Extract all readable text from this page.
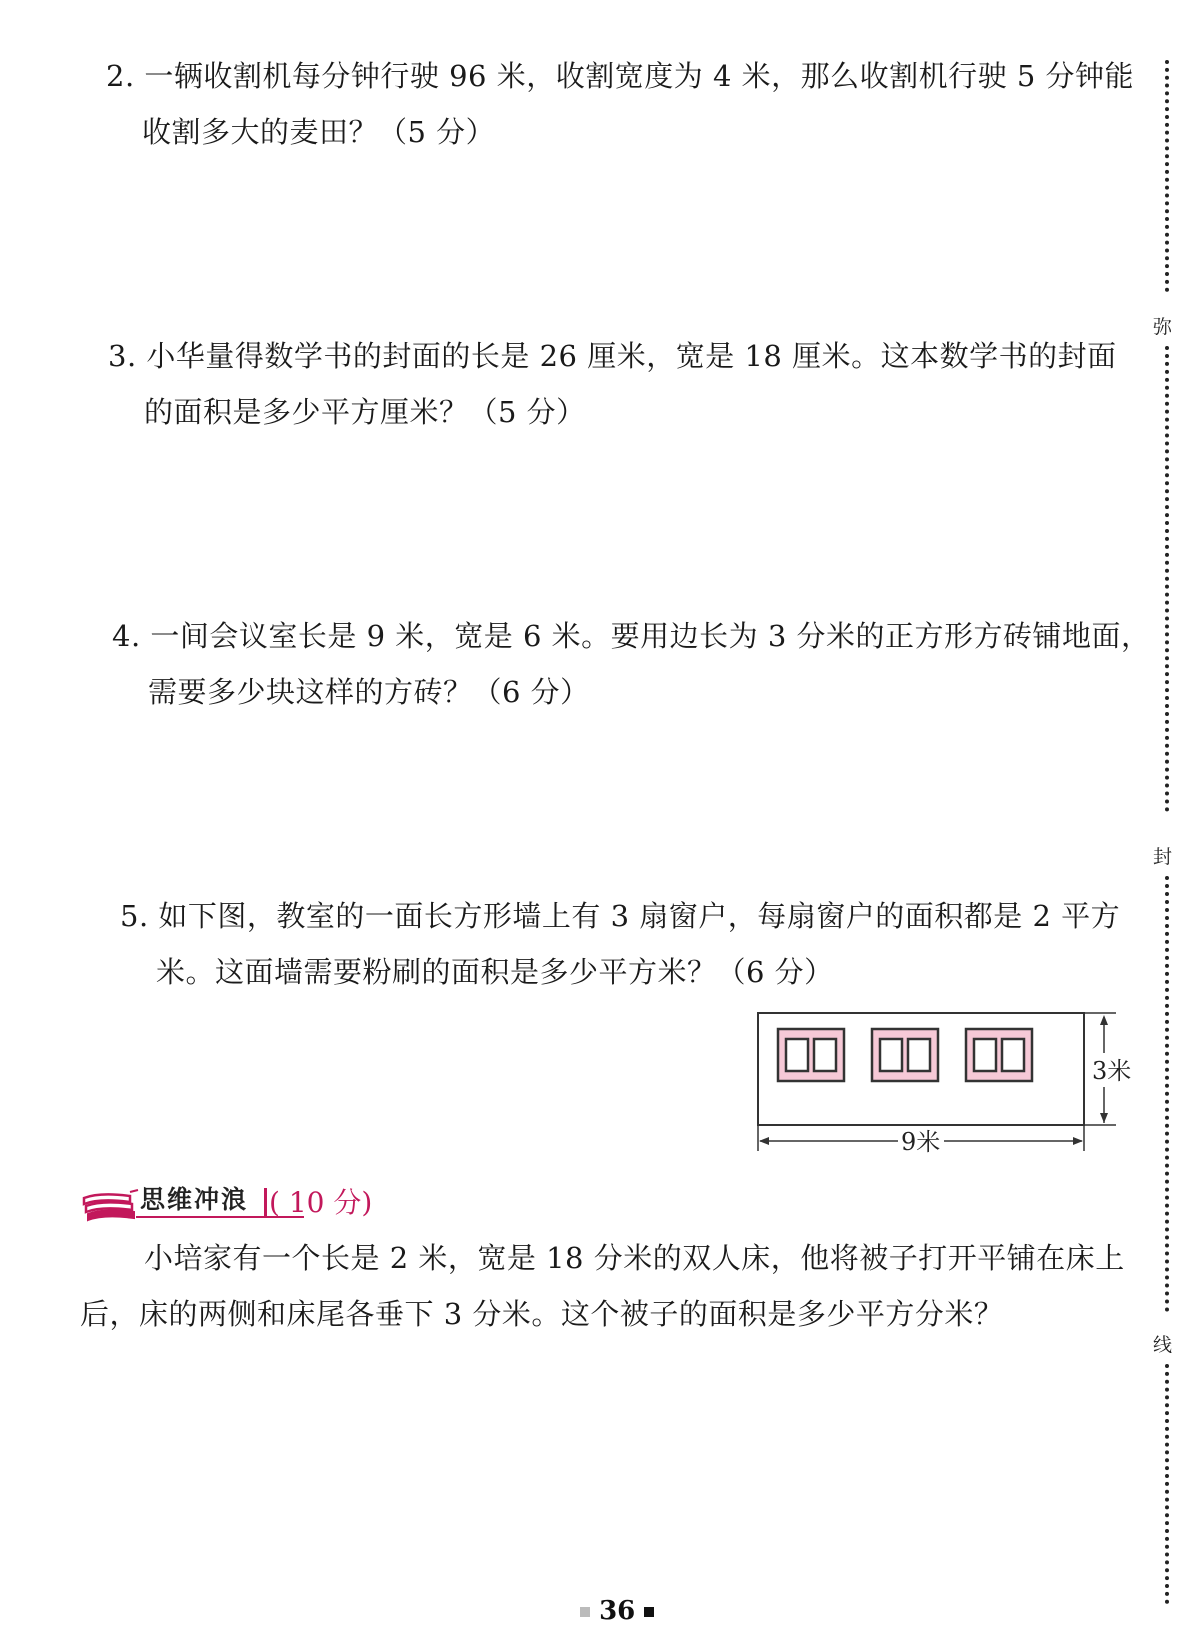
2. 一辆收割机每分钟行驶 96 米，收割宽度为 4 米，那么收割机行驶 5 分钟能
收割多大的麦田？（5 分）
3. 小华量得数学书的封面的长是 26 厘米，宽是 18 厘米。这本数学书的封面
的面积是多少平方厘米？（5 分）
4. 一间会议室长是 9 米，宽是 6 米。要用边长为 3 分米的正方形方砖铺地面，
需要多少块这样的方砖？（6 分）
5. 如下图，教室的一面长方形墙上有 3 扇窗户，每扇窗户的面积都是 2 平方
米。这面墙需要粉刷的面积是多少平方米？（6 分）
3米
9米
思维冲浪 ( 10 分)
小培家有一个长是 2 米，宽是 18 分米的双人床，他将被子打开平铺在床上
后，床的两侧和床尾各垂下 3 分米。这个被子的面积是多少平方分米？
弥
封
线
36
